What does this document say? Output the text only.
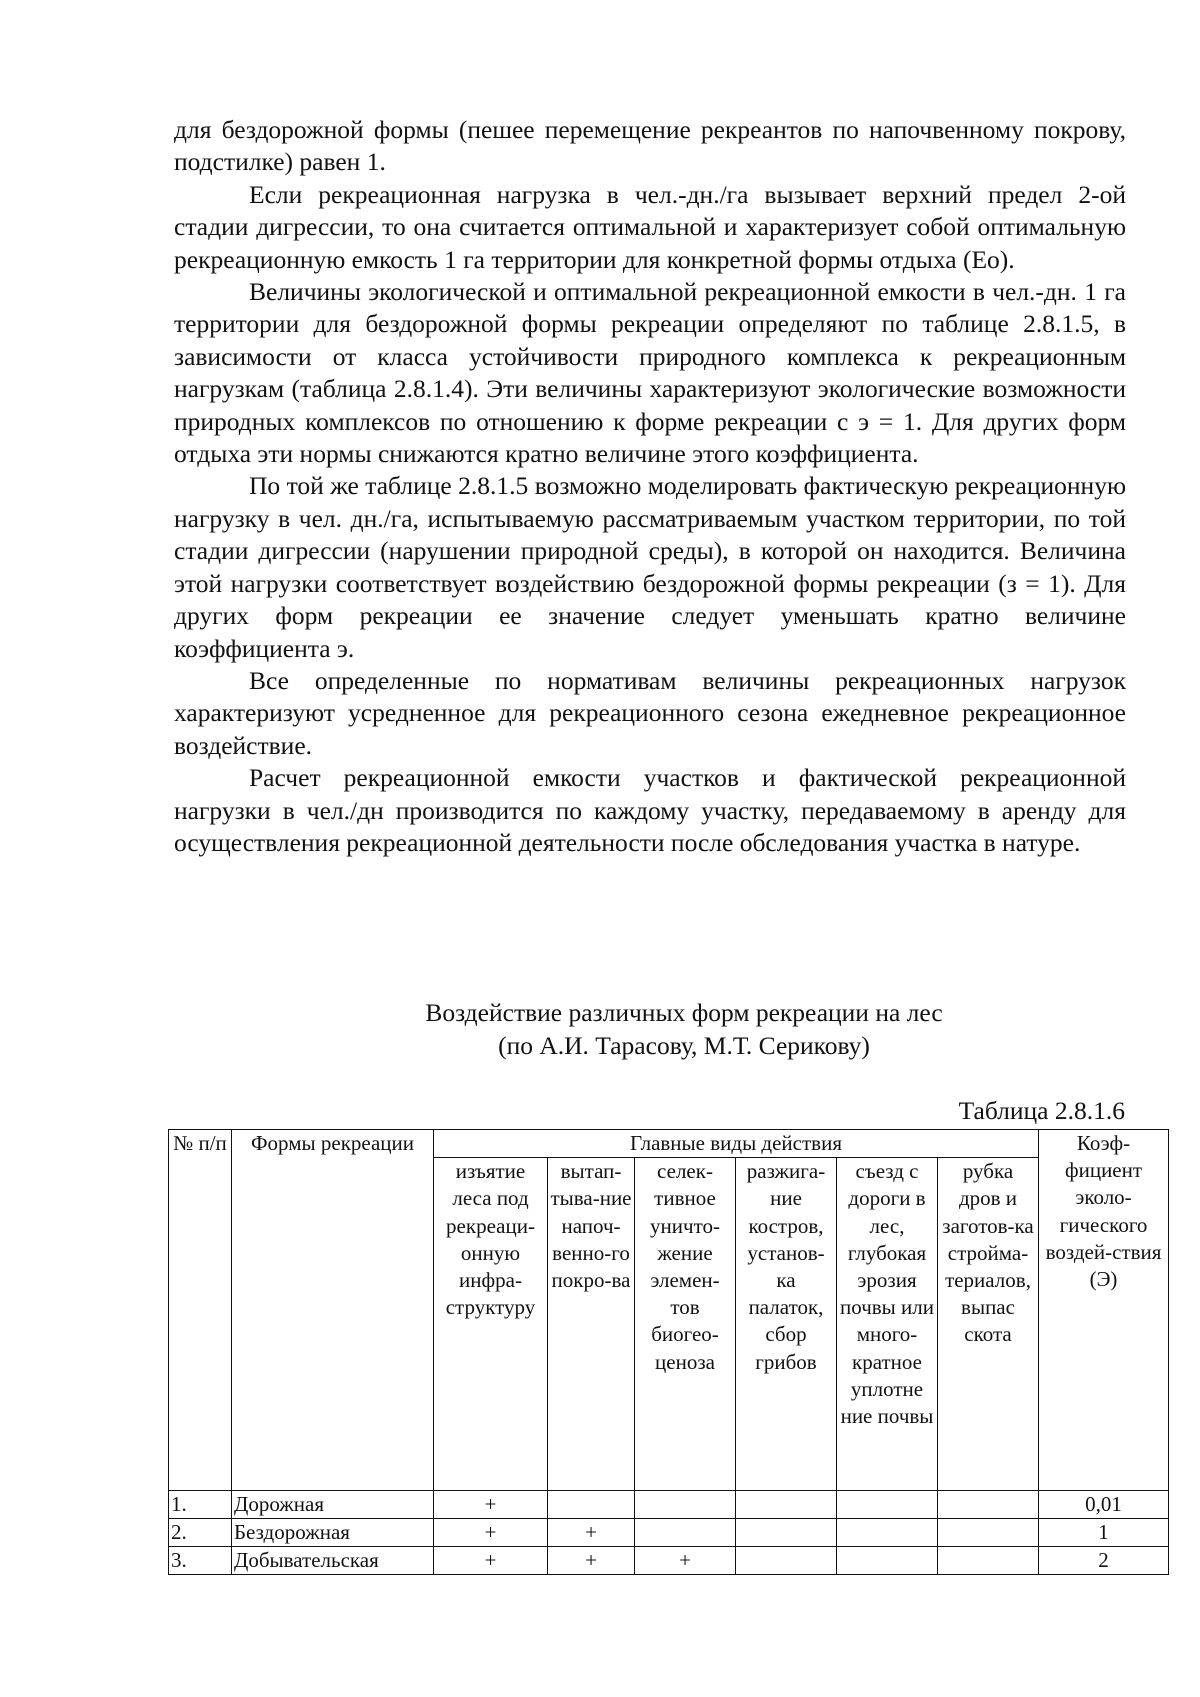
для бездорожной формы (пешее перемещение рекреантов по напочвенному покрову, подстилке) равен 1.

Если рекреационная нагрузка в чел.-дн./га вызывает верхний предел 2-ой стадии дигрессии, то она считается оптимальной и характеризует собой оптимальную рекреационную емкость 1 га территории для конкретной формы отдыха (Ео).

Величины экологической и оптимальной рекреационной емкости в чел.-дн. 1 га территории для бездорожной формы рекреации определяют по таблице 2.8.1.5, в зависимости от класса устойчивости природного комплекса к рекреационным нагрузкам (таблица 2.8.1.4). Эти величины характеризуют экологические возможности природных комплексов по отношению к форме рекреации с э = 1. Для других форм отдыха эти нормы снижаются кратно величине этого коэффициента.

По той же таблице 2.8.1.5 возможно моделировать фактическую рекреационную нагрузку в чел. дн./га, испытываемую рассматриваемым участком территории, по той стадии дигрессии (нарушении природной среды), в которой он находится. Величина этой нагрузки соответствует воздействию бездорожной формы рекреации (з = 1). Для других форм рекреации ее значение следует уменьшать кратно величине коэффициента э.

Все определенные по нормативам величины рекреационных нагрузок характеризуют усредненное для рекреационного сезона ежедневное рекреационное воздействие.

Расчет рекреационной емкости участков и фактической рекреационной нагрузки в чел./дн производится по каждому участку, передаваемому в аренду для осуществления рекреационной деятельности после обследования участка в натуре.

Воздействие различных форм рекреации на лес
(по А.И. Тарасову, М.Т. Серикову)
Таблица 2.8.1.6
№ п/п	Формы рекреации	Главные виды действия						Коэф-фициент эколо-гического воздей-ствия (Э)
		изъятие леса под рекреаци-онную инфра-структуру	вытап-тыва-ние напоч-венно-го покро-ва	селек-тивное уничто-жение элемен-тов биогео-ценоза	разжига-ние костров, установ-ка палаток, сбор грибов	съезд с дороги в лес, глубокая эрозия почвы или много-кратное уплотне ние почвы	рубка дров и заготов-ка стройма-териалов, выпас скота	
1.	Дорожная	+						0,01
2.	Бездорожная	+	+					1
3.	Добывательская	+	+	+				2
